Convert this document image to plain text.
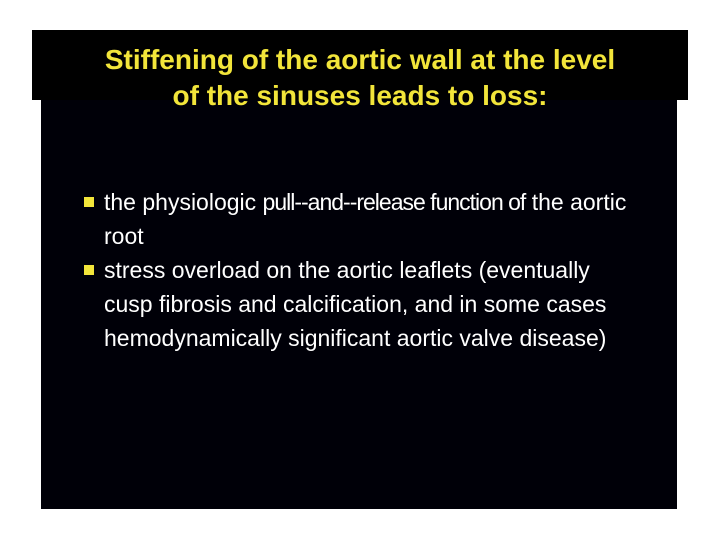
Stiffening of the aortic wall at the level of the sinuses leads to loss:
the physiologic pull--and--release function of the aortic root
stress overload on the aortic leaflets (eventually cusp fibrosis and calcification, and in some cases hemodynamically significant aortic valve disease)
